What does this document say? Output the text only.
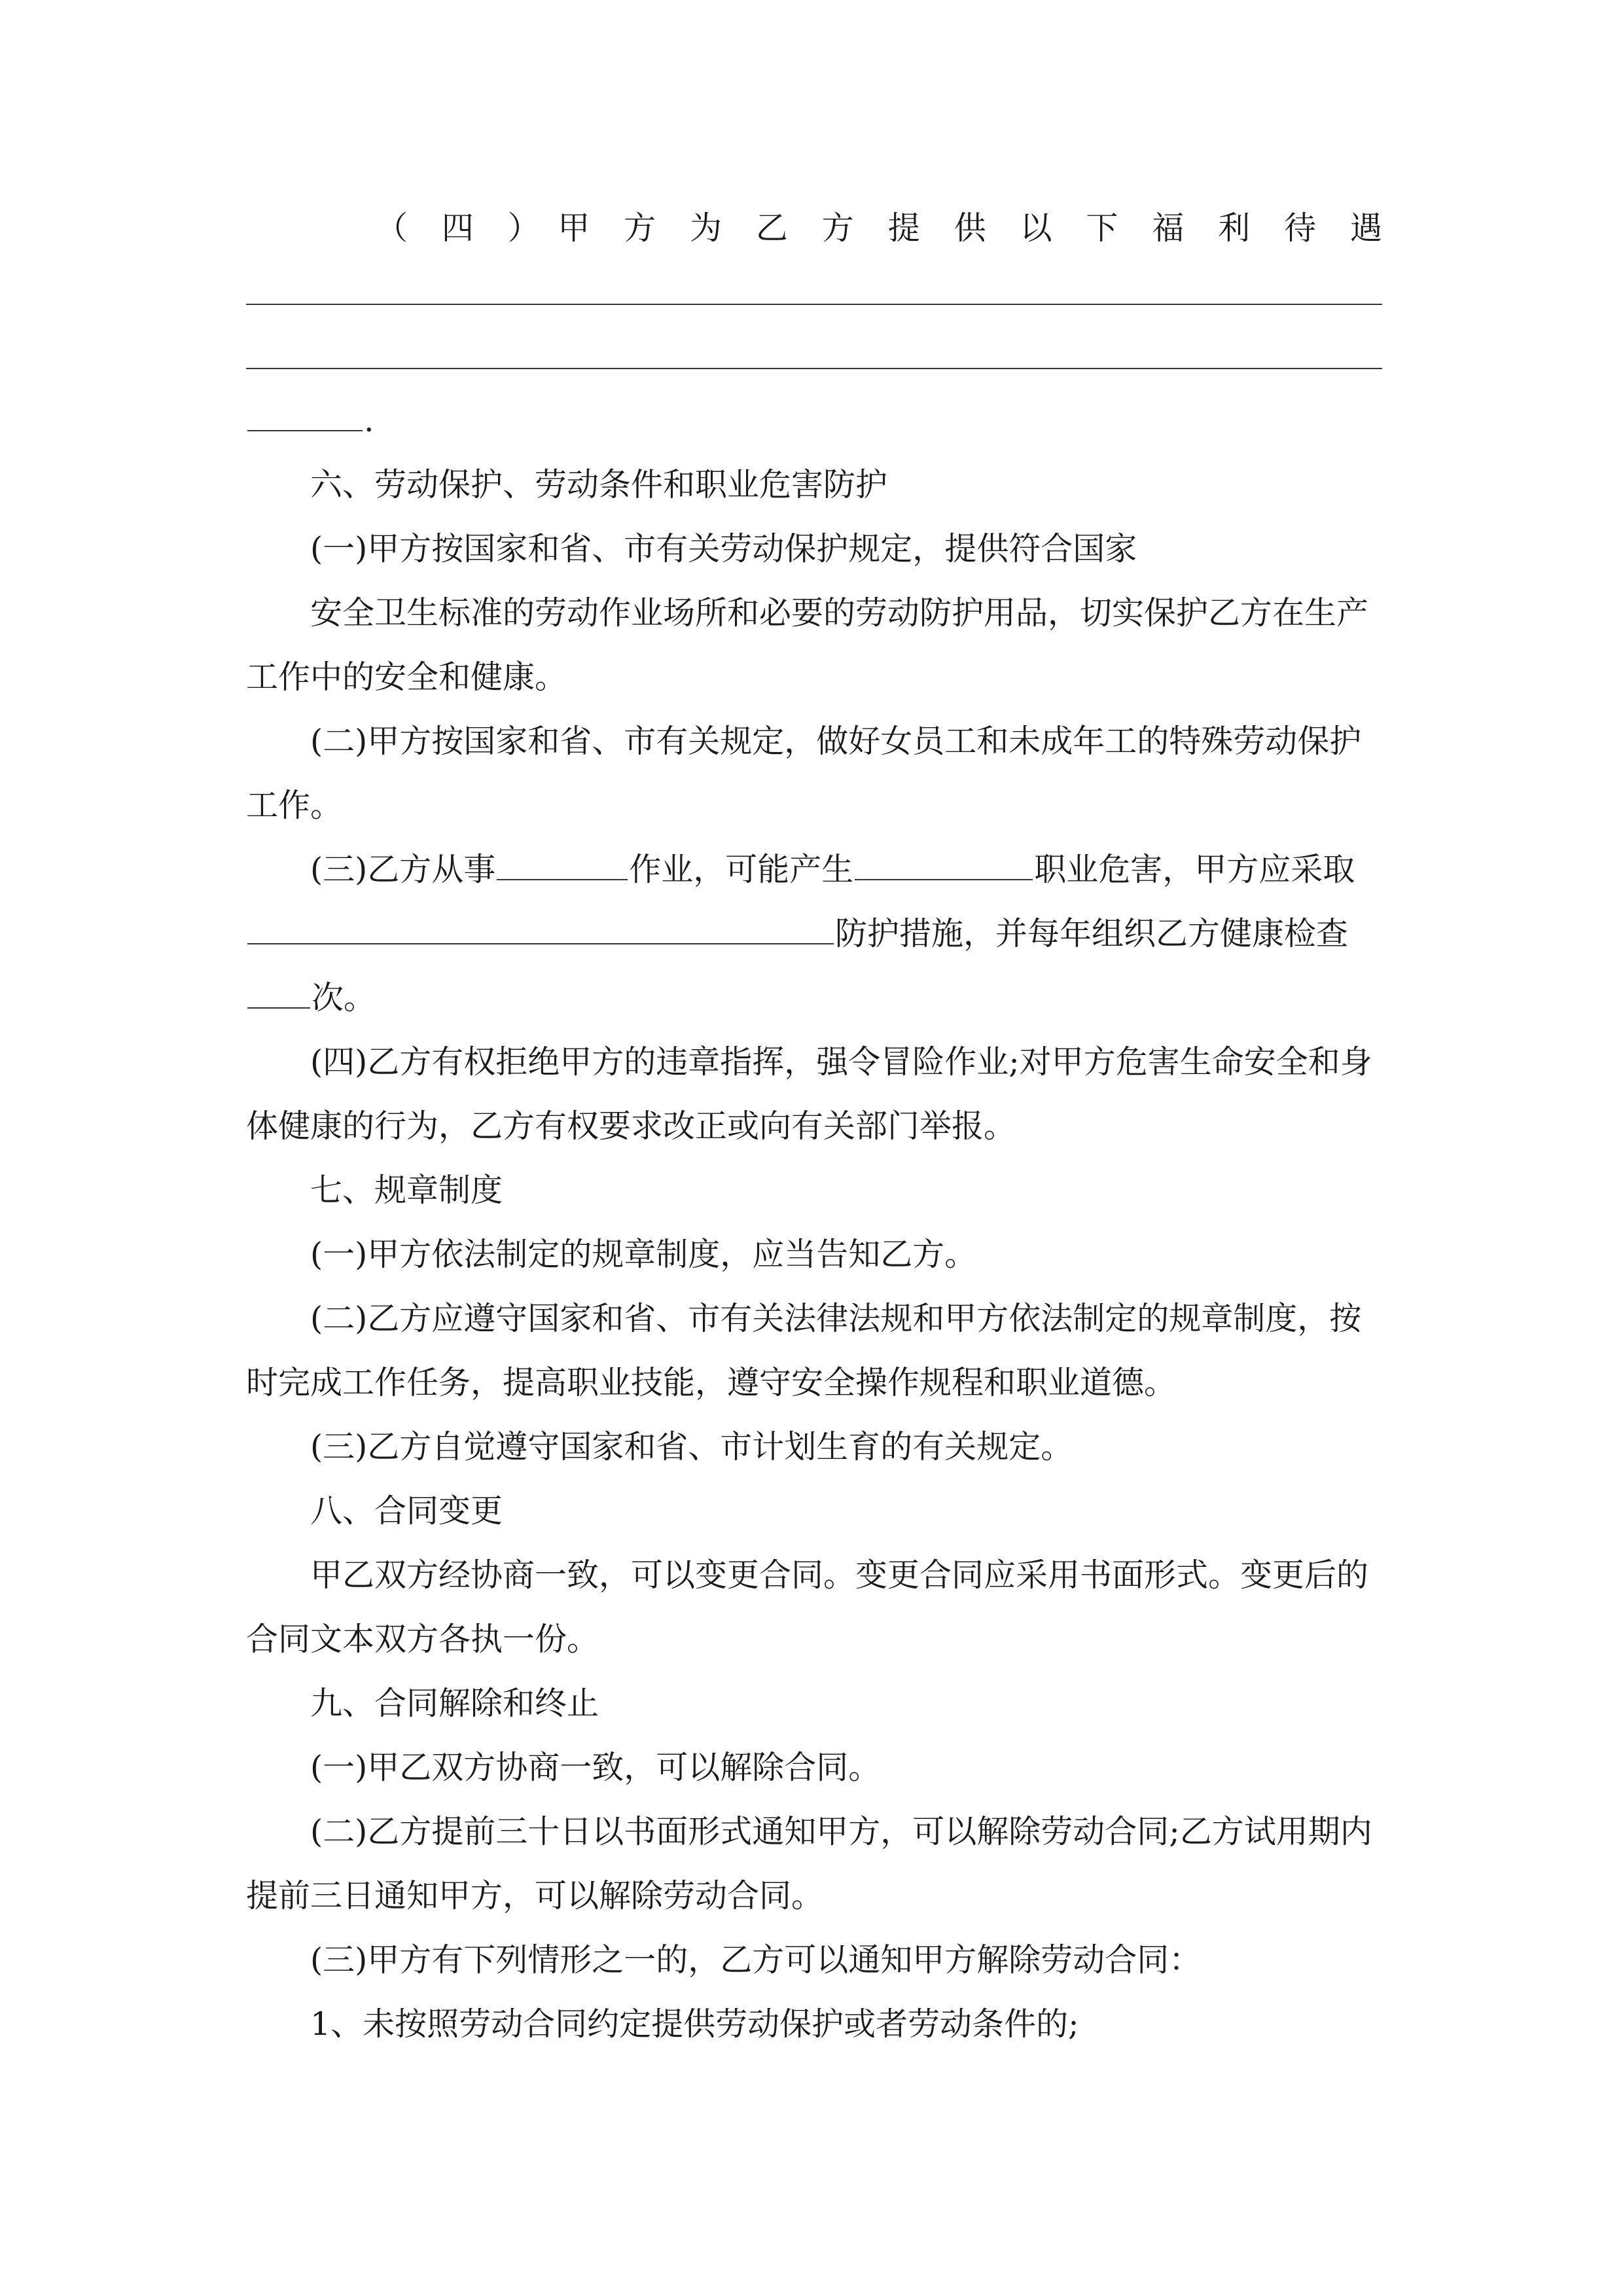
（　四　）　甲　方　为　乙　方　提　供　以　下　福　利　待　遇

.

六、劳动保护、劳动条件和职业危害防护

(一)甲方按国家和省、市有关劳动保护规定，提供符合国家

安全卫生标准的劳动作业场所和必要的劳动防护用品，切实保护乙方在生产工作中的安全和健康。

(二)甲方按国家和省、市有关规定，做好女员工和未成年工的特殊劳动保护工作。

(三)乙方从事	作业，可能产生	职业危害，甲方应采取防护措施，并每年组织乙方健康检查次。

(四)乙方有权拒绝甲方的违章指挥，强令冒险作业;对甲方危害生命安全和身体健康的行为，乙方有权要求改正或向有关部门举报。

七、规章制度

(一)甲方依法制定的规章制度，应当告知乙方。

(二)乙方应遵守国家和省、市有关法律法规和甲方依法制定的规章制度，按时完成工作任务，提高职业技能，遵守安全操作规程和职业道德。

(三)乙方自觉遵守国家和省、市计划生育的有关规定。

八、合同变更

甲乙双方经协商一致，可以变更合同。变更合同应采用书面形式。变更后的合同文本双方各执一份。

九、合同解除和终止

(一)甲乙双方协商一致，可以解除合同。

(二)乙方提前三十日以书面形式通知甲方，可以解除劳动合同;乙方试用期内提前三日通知甲方，可以解除劳动合同。

(三)甲方有下列情形之一的，乙方可以通知甲方解除劳动合同：

1、未按照劳动合同约定提供劳动保护或者劳动条件的;
